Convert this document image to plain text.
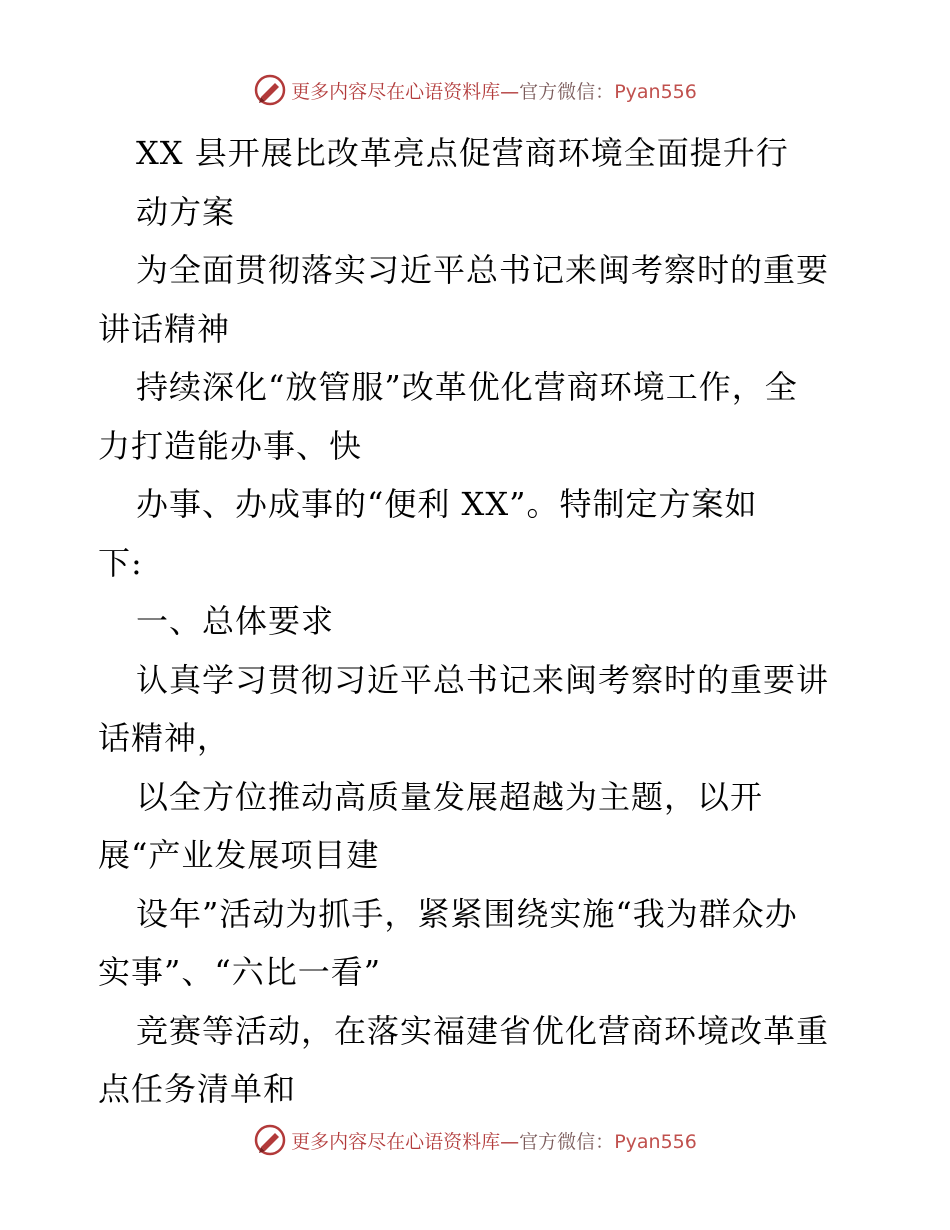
更多内容尽在心语资料库—官方微信：Pyan556
XX 县开展比改革亮点促营商环境全面提升行
动方案
为全面贯彻落实习近平总书记来闽考察时的重要
讲话精神
持续深化“放管服”改革优化营商环境工作，全
力打造能办事、快
办事、办成事的“便利 XX”。特制定方案如
下:
一、总体要求
认真学习贯彻习近平总书记来闽考察时的重要讲
话精神，
以全方位推动高质量发展超越为主题，以开
展“产业发展项目建
设年”活动为抓手，紧紧围绕实施“我为群众办
实事”、“六比一看”
竞赛等活动，在落实福建省优化营商环境改革重
点任务清单和
更多内容尽在心语资料库—官方微信：Pyan556
